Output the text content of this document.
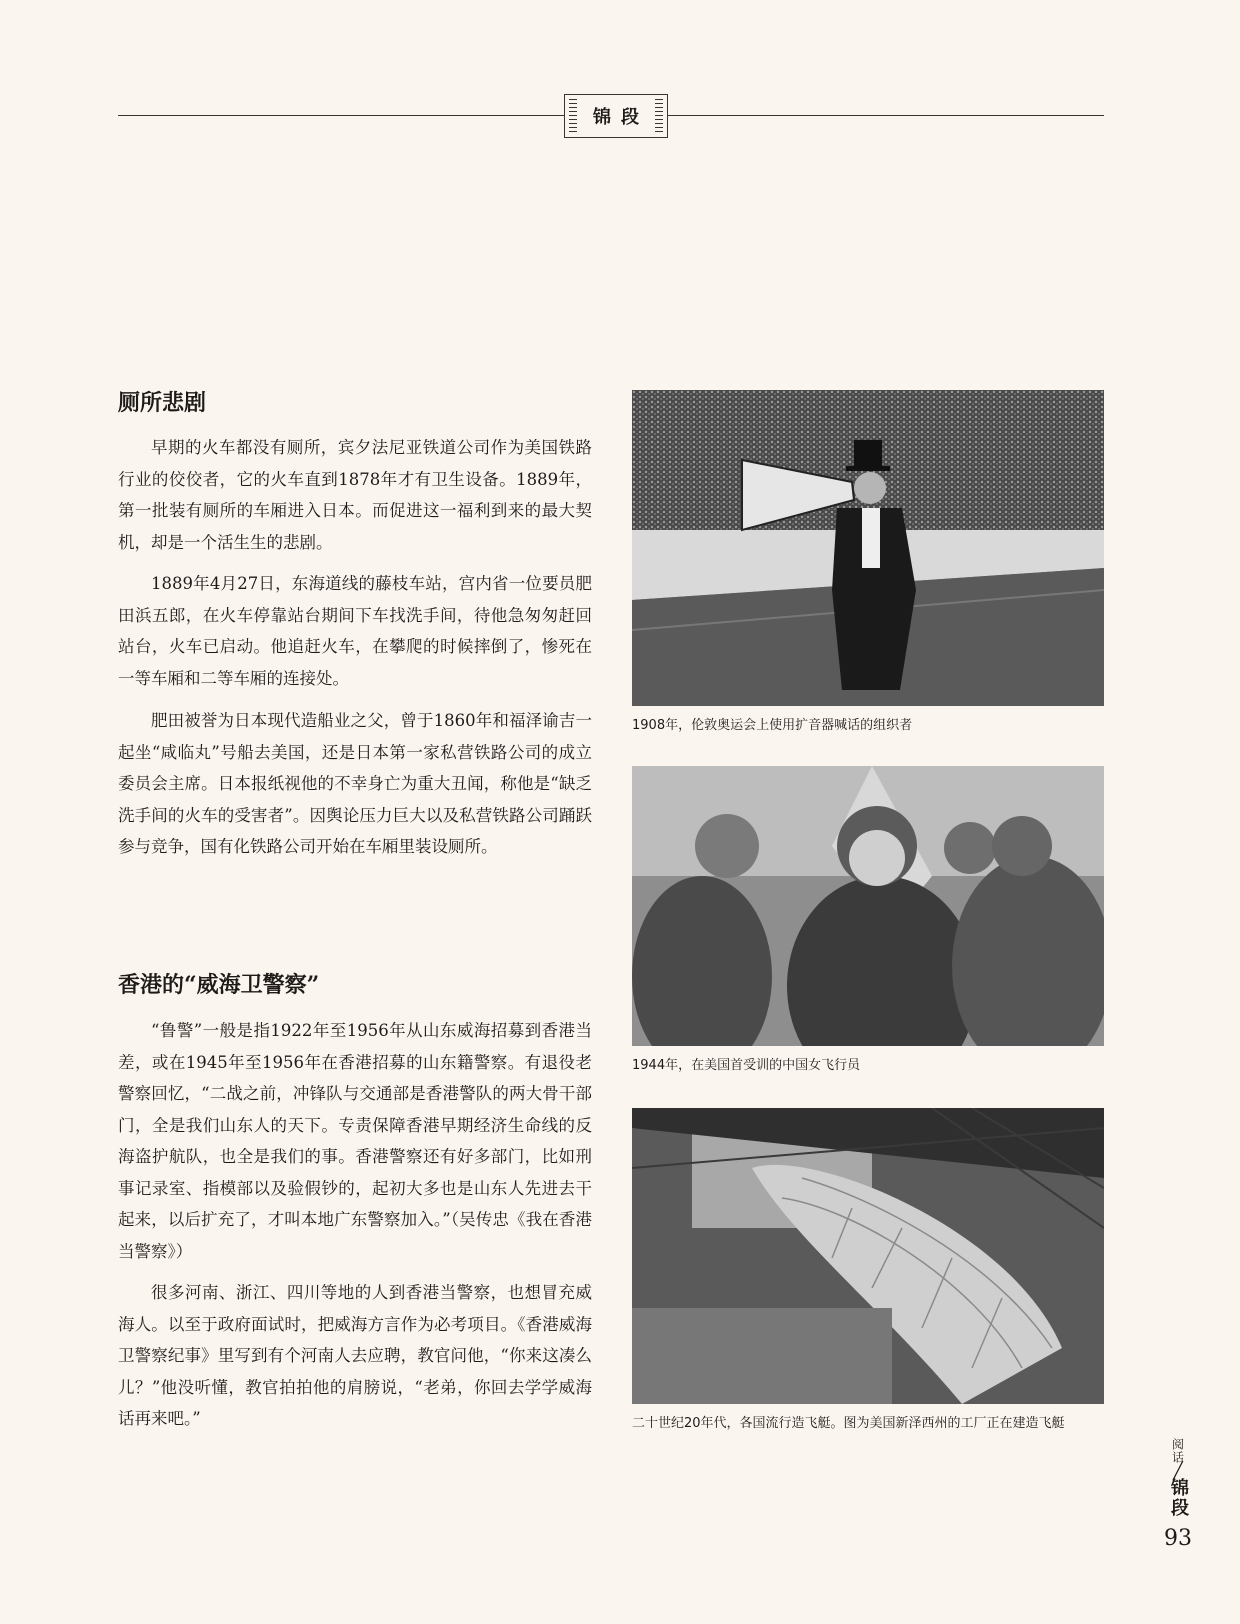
锦段
厕所悲剧

早期的火车都没有厕所，宾夕法尼亚铁道公司作为美国铁路行业的佼佼者，它的火车直到1878年才有卫生设备。1889年，第一批装有厕所的车厢进入日本。而促进这一福利到来的最大契机，却是一个活生生的悲剧。

1889年4月27日，东海道线的藤枝车站，宫内省一位要员肥田浜五郎，在火车停靠站台期间下车找洗手间，待他急匆匆赶回站台，火车已启动。他追赶火车，在攀爬的时候摔倒了，惨死在一等车厢和二等车厢的连接处。

肥田被誉为日本现代造船业之父，曾于1860年和福泽谕吉一起坐“咸临丸”号船去美国，还是日本第一家私营铁路公司的成立委员会主席。日本报纸视他的不幸身亡为重大丑闻，称他是“缺乏洗手间的火车的受害者”。因舆论压力巨大以及私营铁路公司踊跃参与竞争，国有化铁路公司开始在车厢里装设厕所。

香港的“威海卫警察”

“鲁警”一般是指1922年至1956年从山东威海招募到香港当差，或在1945年至1956年在香港招募的山东籍警察。有退役老警察回忆，“二战之前，冲锋队与交通部是香港警队的两大骨干部门，全是我们山东人的天下。专责保障香港早期经济生命线的反海盗护航队，也全是我们的事。香港警察还有好多部门，比如刑事记录室、指模部以及验假钞的，起初大多也是山东人先进去干起来，以后扩充了，才叫本地广东警察加入。”（吴传忠《我在香港当警察》）

很多河南、浙江、四川等地的人到香港当警察，也想冒充威海人。以至于政府面试时，把威海方言作为必考项目。《香港威海卫警察纪事》里写到有个河南人去应聘，教官问他，“你来这凑么儿？”他没听懂，教官拍拍他的肩膀说，“老弟，你回去学学威海话再来吧。”

1908年，伦敦奥运会上使用扩音器喊话的组织者

1944年，在美国首受训的中国女飞行员

二十世纪20年代，各国流行造飞艇。图为美国新泽西州的工厂正在建造飞艇

阅话
╱
锦段
93
